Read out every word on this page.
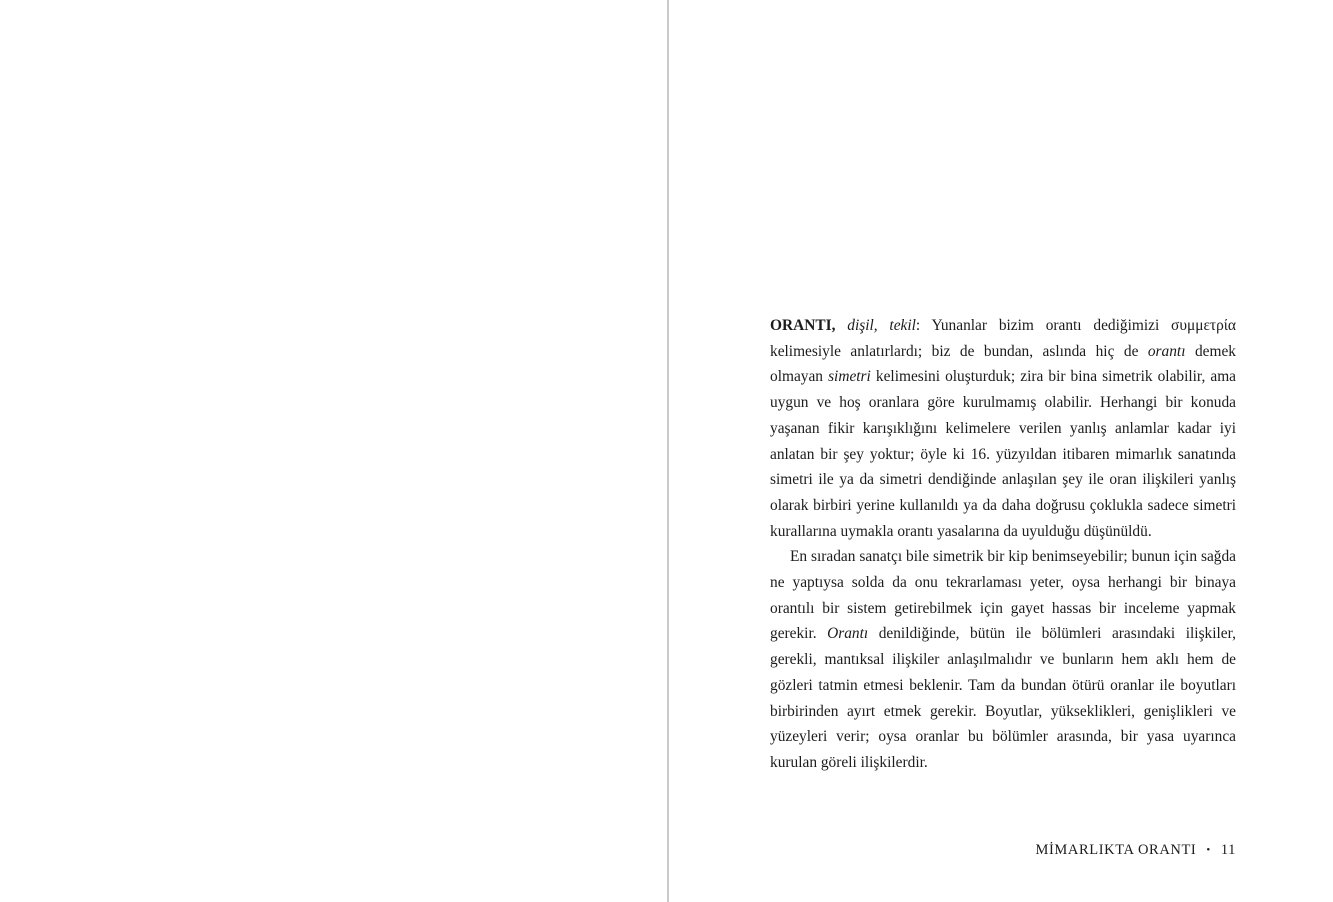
ORANTI, dişil, tekil: Yunanlar bizim orantı dediğimizi συμμετρία kelimesiyle anlatırlardı; biz de bundan, aslında hiç de orantı demek olmayan simetri kelimesini oluşturduk; zira bir bina simetrik olabilir, ama uygun ve hoş oranlara göre kurulmamış olabilir. Herhangi bir konuda yaşanan fikir karışıklığını kelimelere verilen yanlış anlamlar kadar iyi anlatan bir şey yoktur; öyle ki 16. yüzyıldan itibaren mimarlık sanatında simetri ile ya da simetri dendiğinde anlaşılan şey ile oran ilişkileri yanlış olarak birbiri yerine kullanıldı ya da daha doğrusu çoklukla sadece simetri kurallarına uymakla orantı yasalarına da uyulduğu düşünüldü.

En sıradan sanatçı bile simetrik bir kip benimseyebilir; bunun için sağda ne yaptıysa solda da onu tekrarlaması yeter, oysa herhangi bir binaya orantılı bir sistem getirebilmek için gayet hassas bir inceleme yapmak gerekir. Orantı denildiğinde, bütün ile bölümleri arasındaki ilişkiler, gerekli, mantıksal ilişkiler anlaşılmalıdır ve bunların hem aklı hem de gözleri tatmin etmesi beklenir. Tam da bundan ötürü oranlar ile boyutları birbirinden ayırt etmek gerekir. Boyutlar, yükseklikleri, genişlikleri ve yüzeyleri verir; oysa oranlar bu bölümler arasında, bir yasa uyarınca kurulan göreli ilişkilerdir.

MİMARLIKTA ORANTI • 11
